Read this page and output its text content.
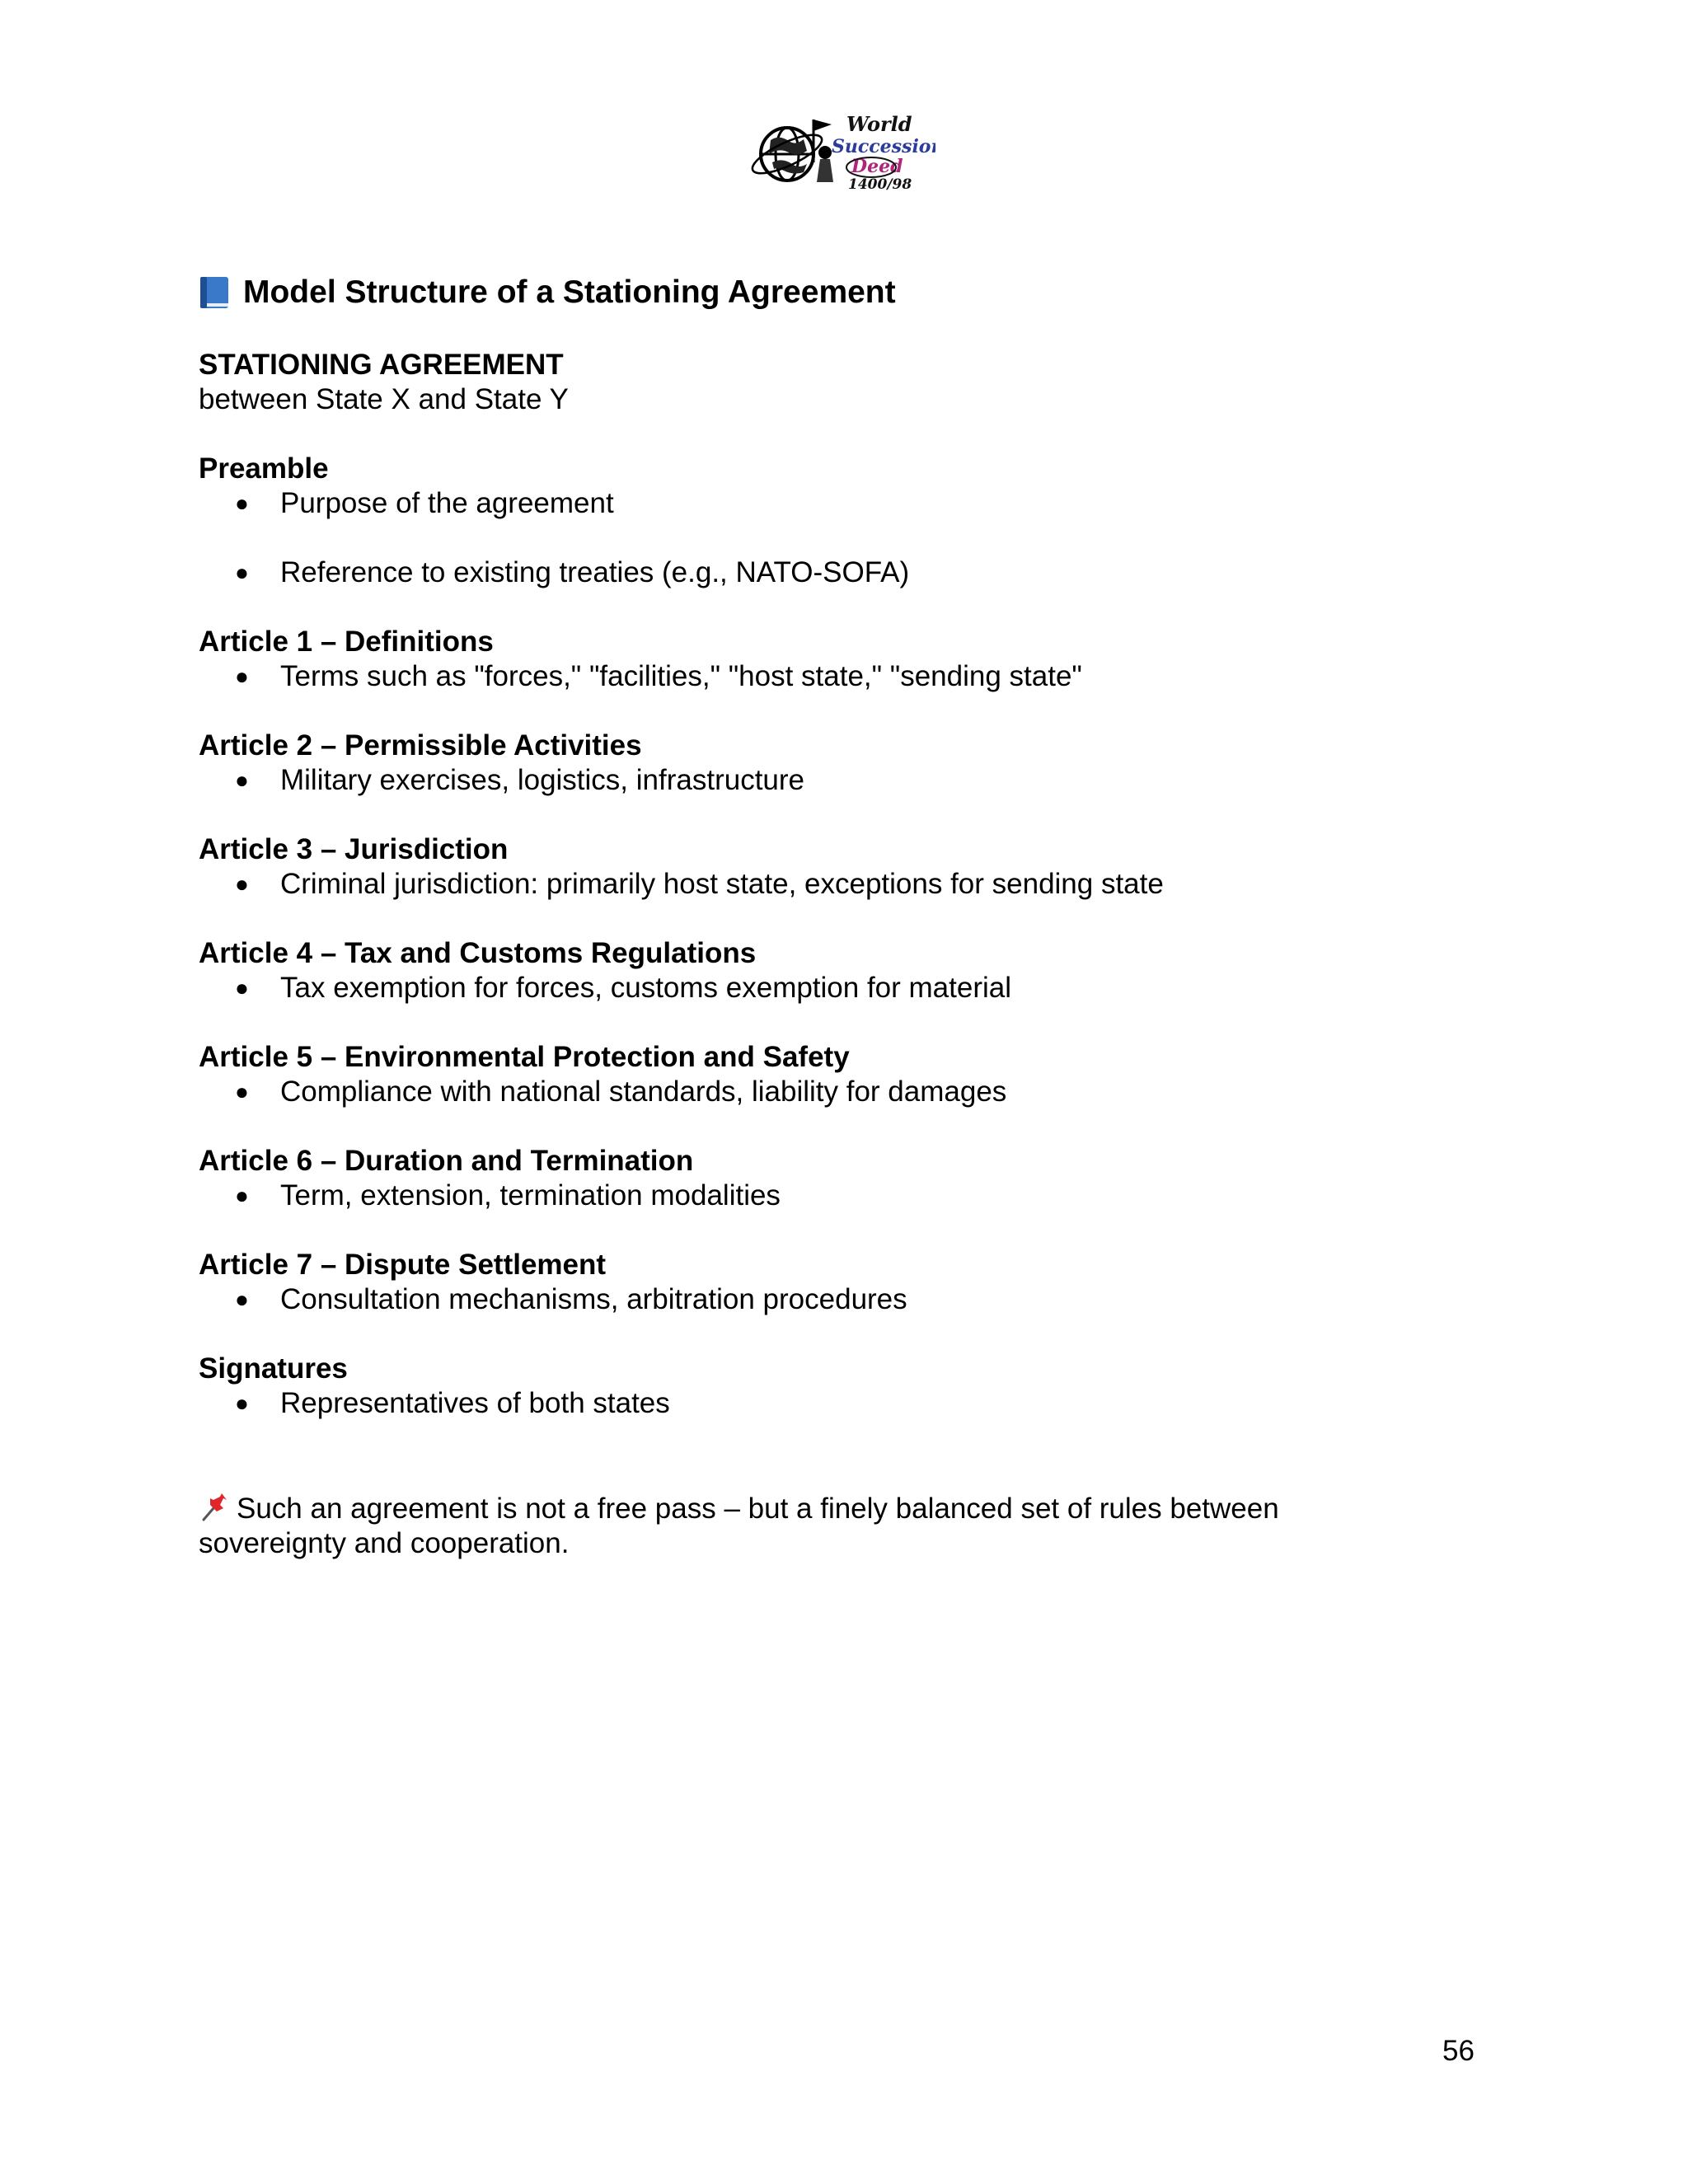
World
Succession
Deed
1400/98
Model Structure of a Stationing Agreement
STATIONING AGREEMENT
between State X and State Y
Preamble
● Purpose of the agreement
● Reference to existing treaties (e.g., NATO-SOFA)
Article 1 – Definitions
● Terms such as "forces," "facilities," "host state," "sending state"
Article 2 – Permissible Activities
● Military exercises, logistics, infrastructure
Article 3 – Jurisdiction
● Criminal jurisdiction: primarily host state, exceptions for sending state
Article 4 – Tax and Customs Regulations
● Tax exemption for forces, customs exemption for material
Article 5 – Environmental Protection and Safety
● Compliance with national standards, liability for damages
Article 6 – Duration and Termination
● Term, extension, termination modalities
Article 7 – Dispute Settlement
● Consultation mechanisms, arbitration procedures
Signatures
● Representatives of both states
Such an agreement is not a free pass – but a finely balanced set of rules between sovereignty and cooperation.
56
